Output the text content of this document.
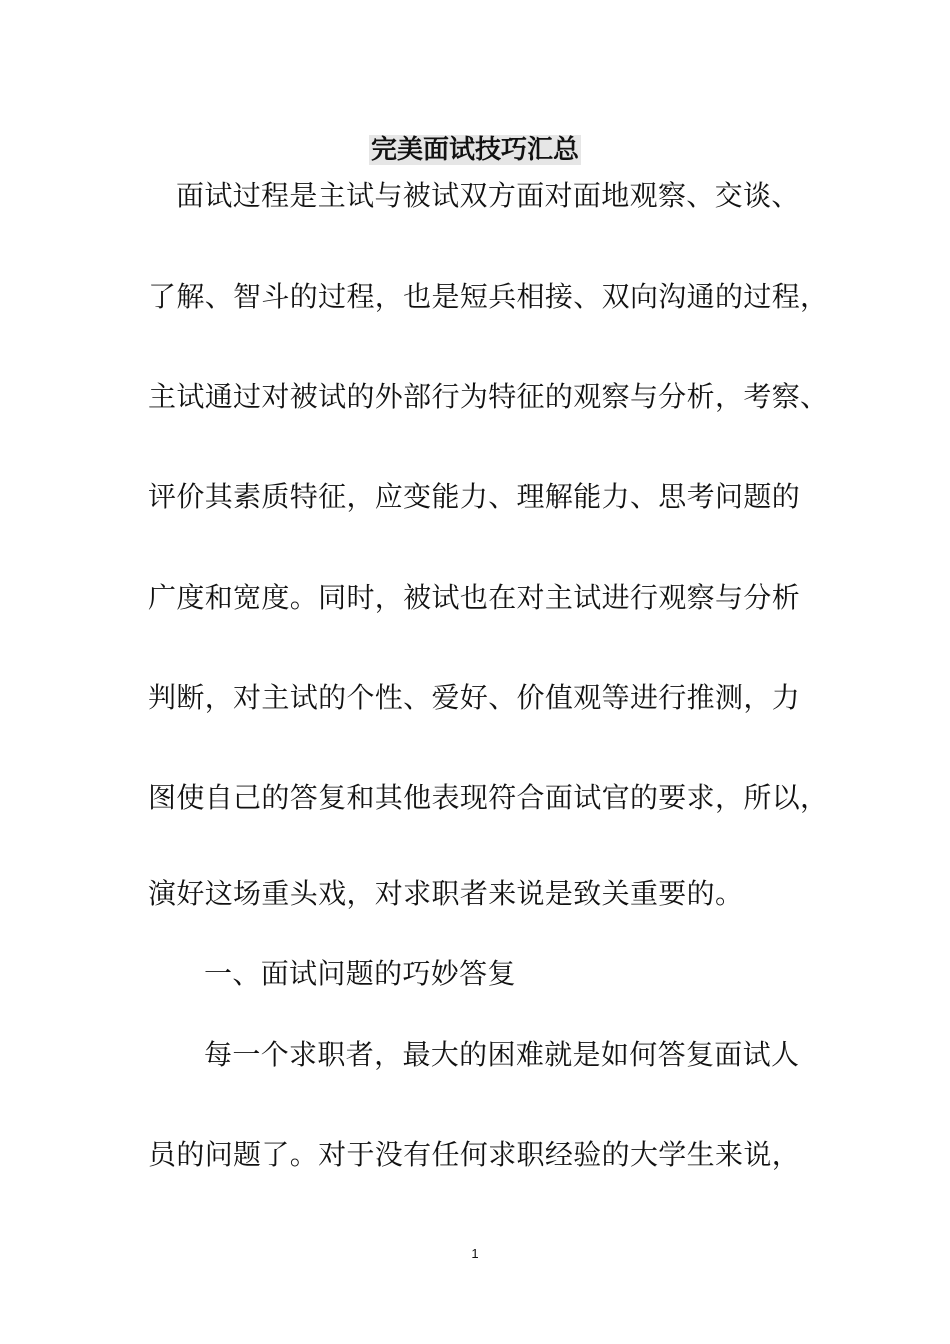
完美面试技巧汇总
面试过程是主试与被试双方面对面地观察、交谈、
了解、智斗的过程，也是短兵相接、双向沟通的过程，
主试通过对被试的外部行为特征的观察与分析，考察、
评价其素质特征，应变能力、理解能力、思考问题的
广度和宽度。同时，被试也在对主试进行观察与分析
判断，对主试的个性、爱好、价值观等进行推测，力
图使自己的答复和其他表现符合面试官的要求，所以，
演好这场重头戏，对求职者来说是致关重要的。
一、面试问题的巧妙答复
每一个求职者，最大的困难就是如何答复面试人
员的问题了。对于没有任何求职经验的大学生来说，
1
